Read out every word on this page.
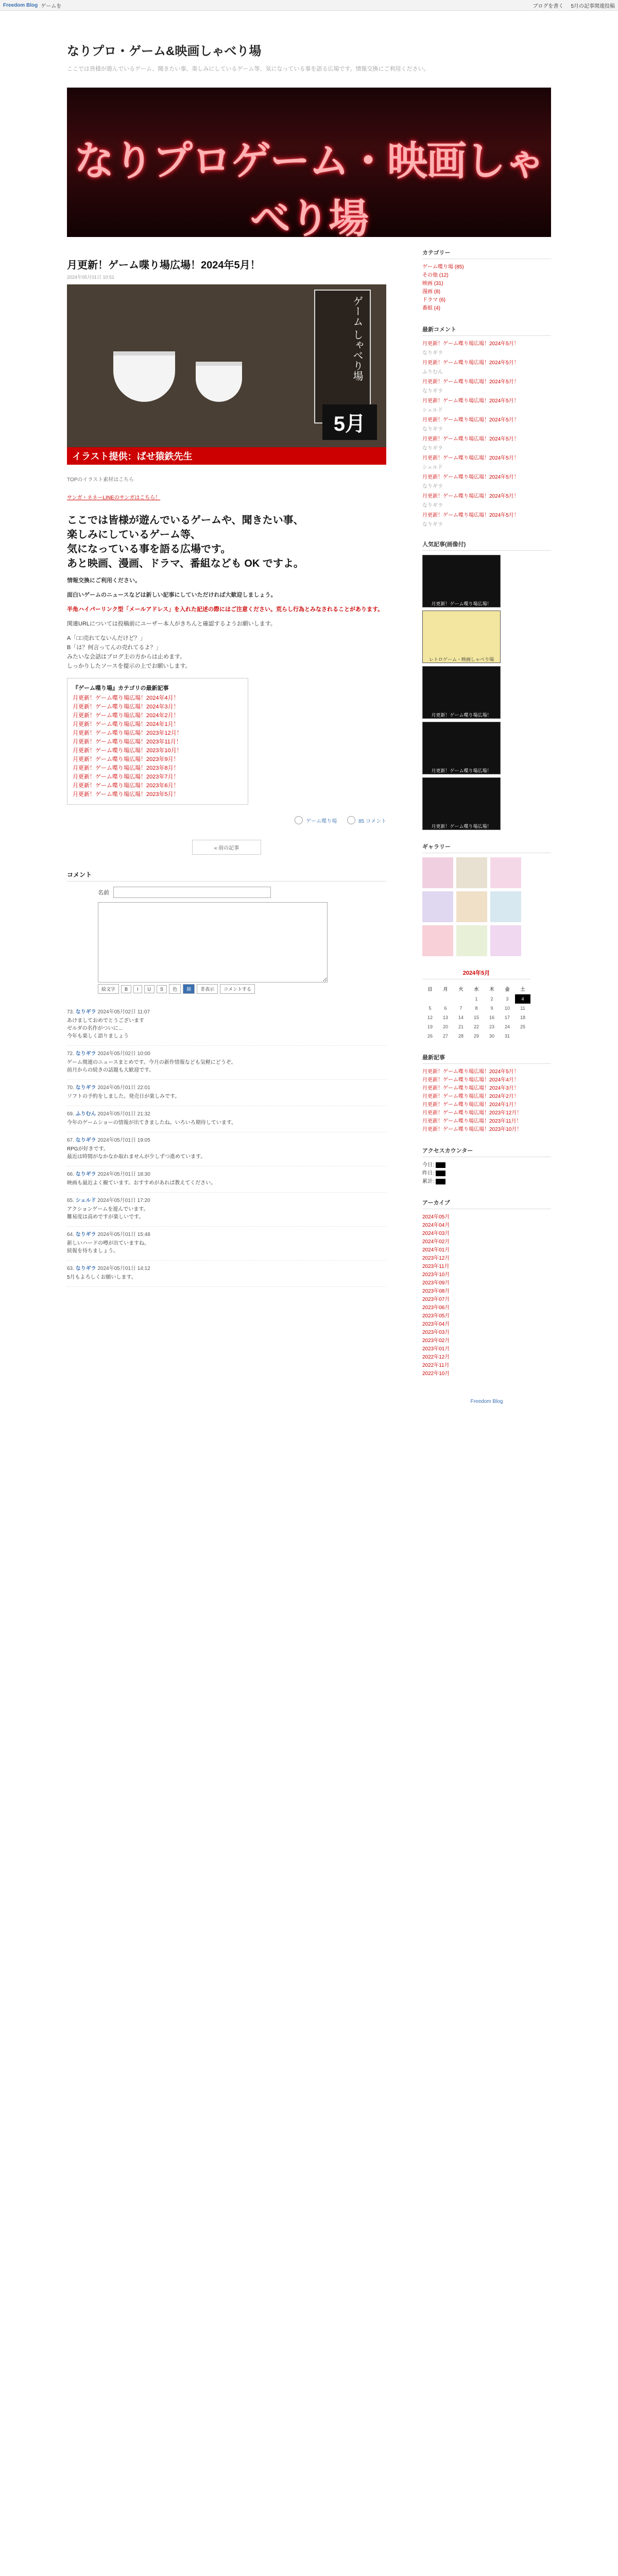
Freedom Blog ゲームを	ブログを書く 5月の記事関連投稿
なりプロ・ゲーム&映画しゃべり場
ここでは皆様が遊んでいるゲーム、聞きたい事、楽しみにしているゲーム等、気になっている事を語る広場です。情報交換にご利用ください。
なりプロゲーム・映画しゃべり場
月更新！ゲーム喋り場広場！2024年5月！
2024年05月01日 10:51
ゲーム しゃべり場
5月
イラスト提供：ぱせ猿鉄先生
TOPのイラスト素材はこちら
サンガ・ネネーLINEのサンガはこちら！
ここでは皆様が遊んでいるゲームや、聞きたい事、
楽しみにしているゲーム等、
気になっている事を語る広場です。
あと映画、漫画、ドラマ、番組なども OK ですよ。
情報交換にご利用ください。
面白いゲームのニュースなどは新しい記事にしていただければ大歓迎しましょう。
半角ハイパーリンク型「メールアドレス」を入れた記述の際にはご注意ください。荒らし行為とみなされることがあります。
関連URLについては投稿前にユーザー本人がきちんと確認するようお願いします。
A「□□売れてないんだけど？」
B「は？何言ってんの売れてるよ？」
みたいな会話はブログ主の方からは止めます。
しっかりしたソースを提示の上でお願いします。
『ゲーム喋り場』カテゴリの最新記事
月更新！ゲーム喋り場広場！2024年4月！
月更新！ゲーム喋り場広場！2024年3月！
月更新！ゲーム喋り場広場！2024年2月！
月更新！ゲーム喋り場広場！2024年1月！
月更新！ゲーム喋り場広場！2023年12月！
月更新！ゲーム喋り場広場！2023年11月！
月更新！ゲーム喋り場広場！2023年10月！
月更新！ゲーム喋り場広場！2023年9月！
月更新！ゲーム喋り場広場！2023年8月！
月更新！ゲーム喋り場広場！2023年7月！
月更新！ゲーム喋り場広場！2023年6月！
月更新！ゲーム喋り場広場！2023年5月！
ゲーム喋り場	85 コメント
« 前の記事
コメント
名前
絵文字	B	I	U	S	色	顔	非表示	コメントする
73. なりギラ 2024年05月02日 11:07
あけましておめでとうございます
ゼルダの名作がついに...
今年も楽しく語りましょう
72. なりギラ 2024年05月02日 10:00
ゲーム関連のニュースまとめです。今月の新作情報なども気軽にどうぞ。
前月からの続きの話題も大歓迎です。
70. なりギラ 2024年05月01日 22:01
ソフトの予約をしました。発売日が楽しみです。
69. ふりむん 2024年05月01日 21:32
今年のゲームショーの情報が出てきましたね。いろいろ期待しています。
67. なりギラ 2024年05月01日 19:05
RPGが好きです。
最近は時間がなかなか取れませんが少しずつ進めています。
66. なりギラ 2024年05月01日 18:30
映画も最近よく観ています。おすすめがあれば教えてください。
65. シェルド 2024年05月01日 17:20
アクションゲームを遊んでいます。
難易度は高めですが楽しいです。
64. なりギラ 2024年05月01日 15:48
新しいハードの噂が出ていますね。
続報を待ちましょう。
63. なりギラ 2024年05月01日 14:12
5月もよろしくお願いします。
カテゴリー
ゲーム喋り場 (85)
その他 (12)
映画 (31)
漫画 (8)
ドラマ (6)
番組 (4)
最新コメント
月更新！ゲーム喋り場広場！2024年5月！
なりギラ
月更新！ゲーム喋り場広場！2024年5月！
ふりむん
月更新！ゲーム喋り場広場！2024年5月！
なりギラ
月更新！ゲーム喋り場広場！2024年5月！
シェルド
月更新！ゲーム喋り場広場！2024年5月！
なりギラ
月更新！ゲーム喋り場広場！2024年5月！
なりギラ
月更新！ゲーム喋り場広場！2024年5月！
シェルド
月更新！ゲーム喋り場広場！2024年5月！
なりギラ
月更新！ゲーム喋り場広場！2024年5月！
なりギラ
月更新！ゲーム喋り場広場！2024年5月！
なりギラ
人気記事(画像付)
月更新！ゲーム喋り場広場！
レトロゲーム・映画しゃべり場
月更新！ゲーム喋り場広場！
月更新！ゲーム喋り場広場！
月更新！ゲーム喋り場広場！
ギャラリー
2024年5月
日	月	火	水	木	金	土
			1	2	3	4
5	6	7	8	9	10	11
12	13	14	15	16	17	18
19	20	21	22	23	24	25
26	27	28	29	30	31	
最新記事
月更新！ゲーム喋り場広場！2024年5月！
月更新！ゲーム喋り場広場！2024年4月！
月更新！ゲーム喋り場広場！2024年3月！
月更新！ゲーム喋り場広場！2024年2月！
月更新！ゲーム喋り場広場！2024年1月！
月更新！ゲーム喋り場広場！2023年12月！
月更新！ゲーム喋り場広場！2023年11月！
月更新！ゲーム喋り場広場！2023年10月！
アクセスカウンター
今日:
昨日:
累計:
アーカイブ
2024年05月
2024年04月
2024年03月
2024年02月
2024年01月
2023年12月
2023年11月
2023年10月
2023年09月
2023年08月
2023年07月
2023年06月
2023年05月
2023年04月
2023年03月
2023年02月
2023年01月
2022年12月
2022年11月
2022年10月
Freedom Blog
